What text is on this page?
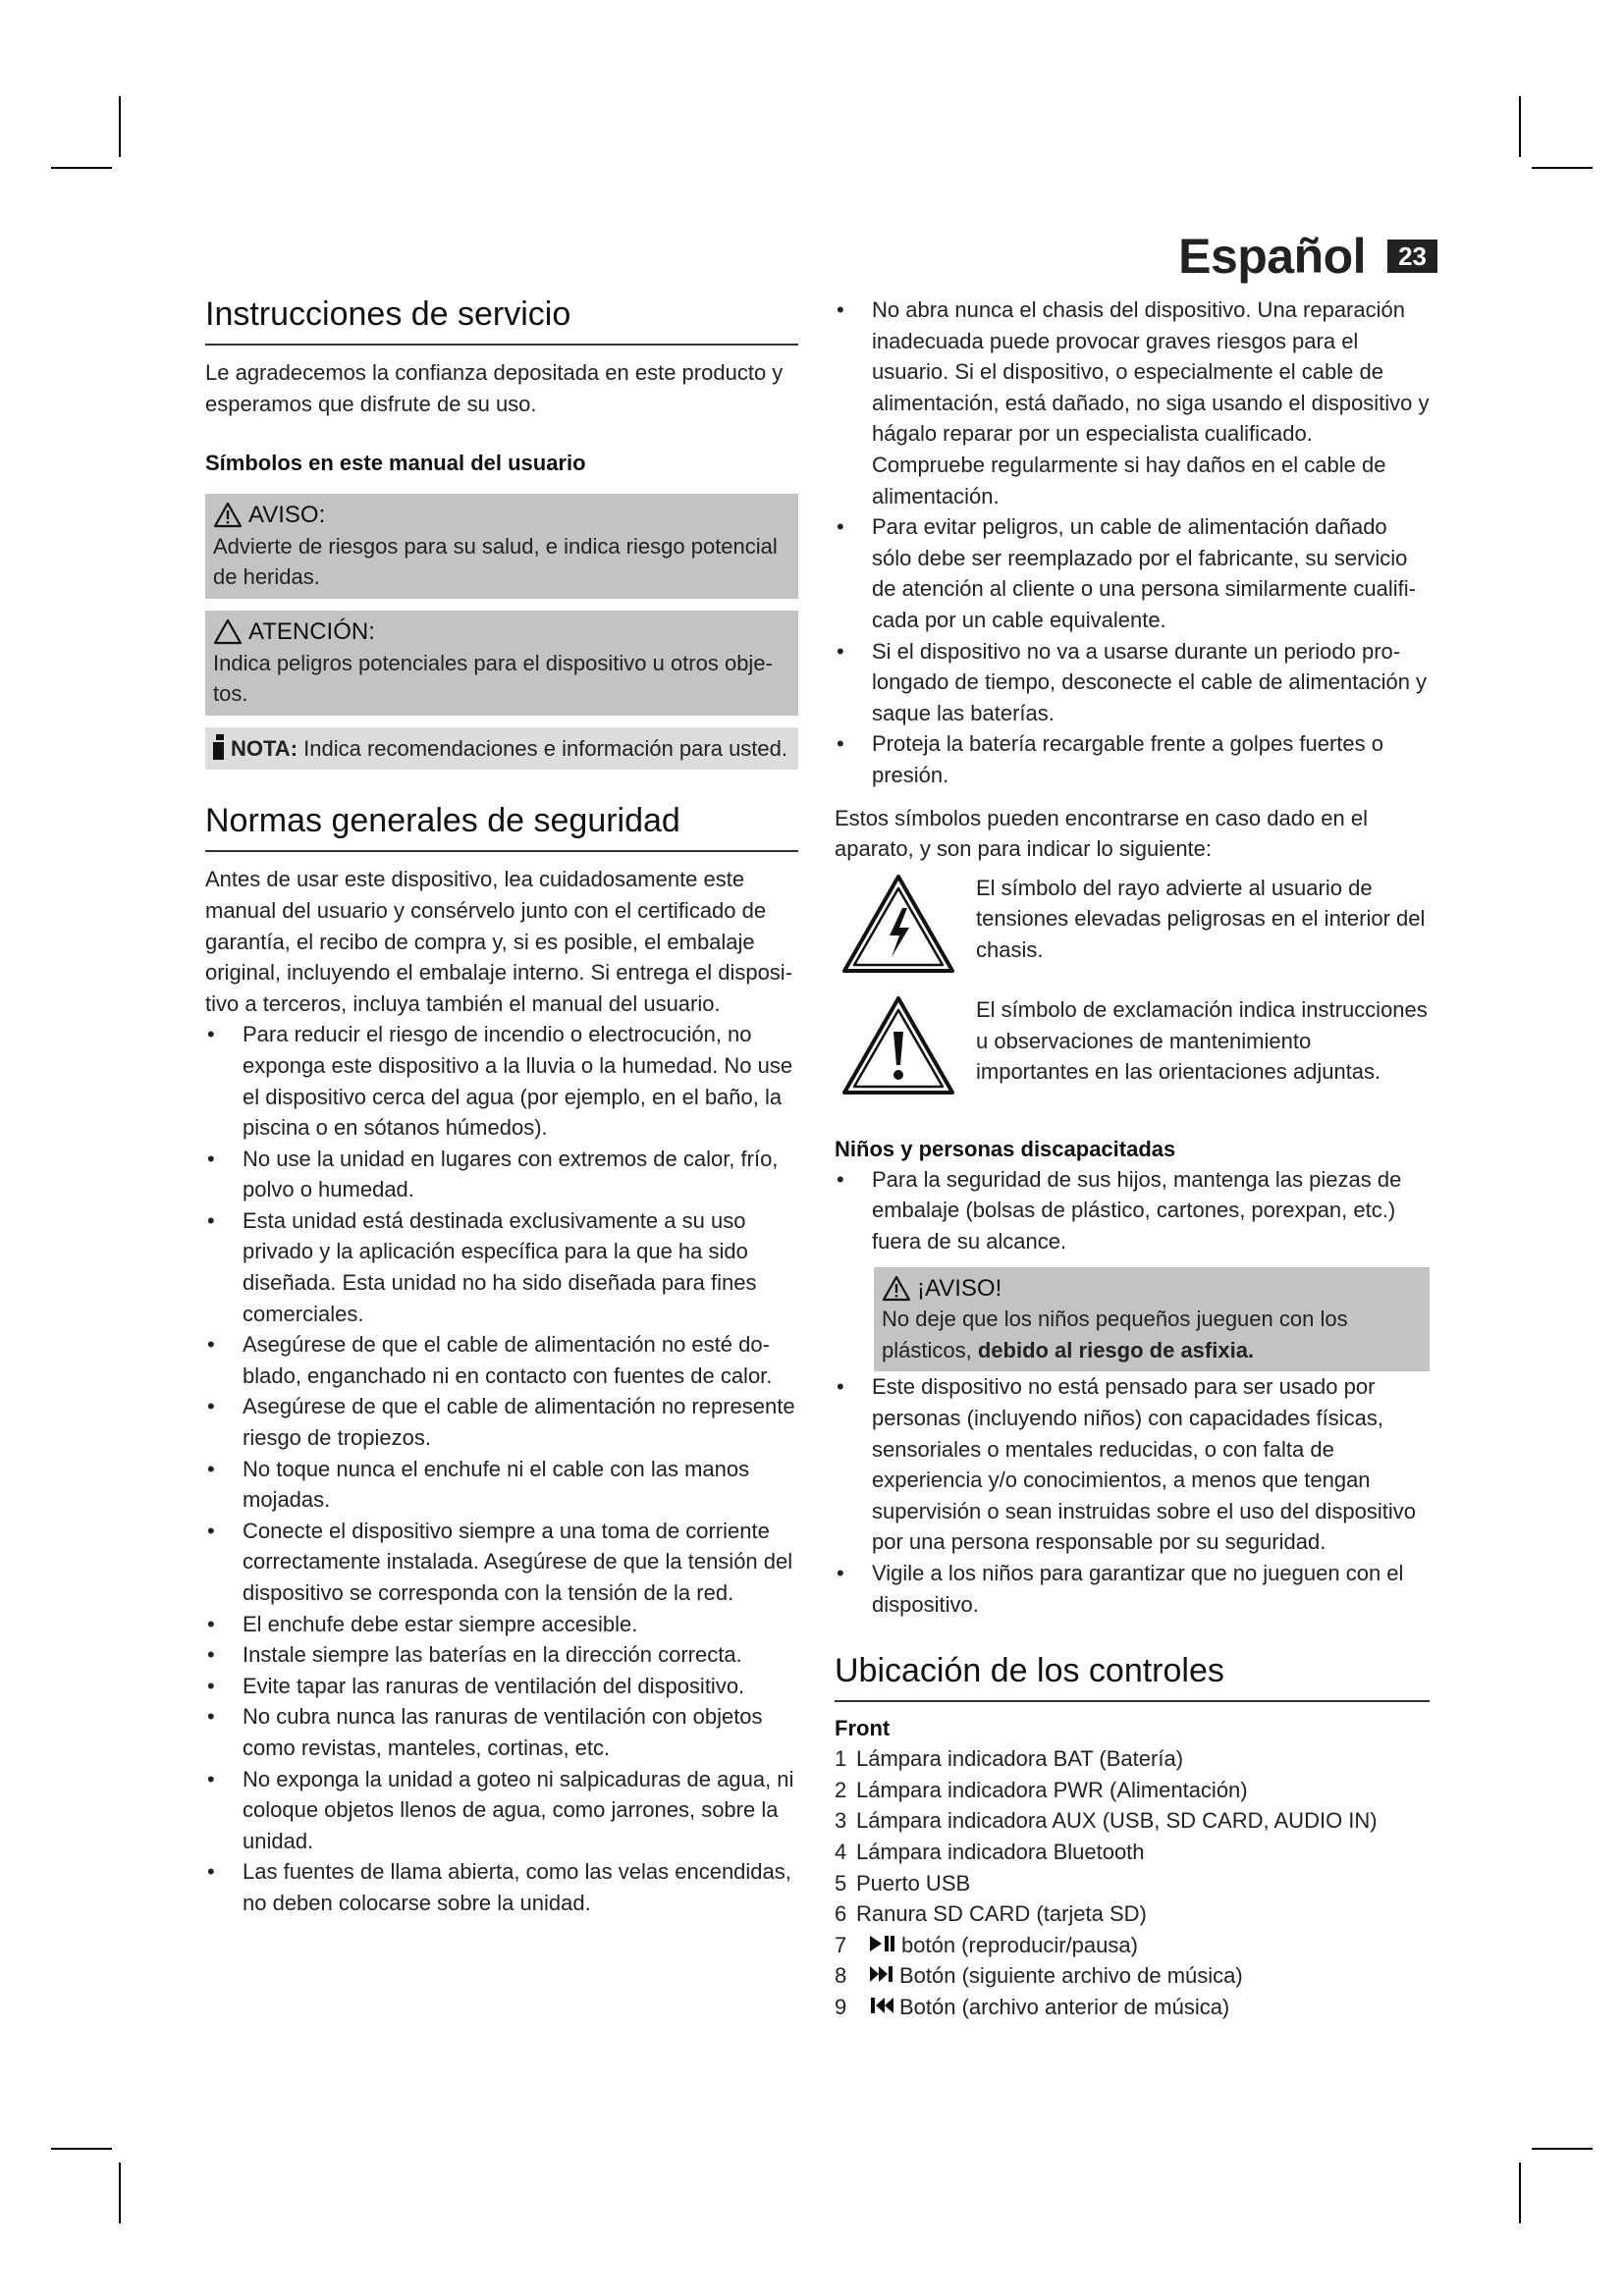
Español	23
Instrucciones de servicio

Le agradecemos la confianza depositada en este producto y esperamos que disfrute de su uso.

Símbolos en este manual del usuario
AVISO:

Advierte de riesgos para su salud, e indica riesgo potencial de heridas.

ATENCIÓN:

Indica peligros potenciales para el dispositivo u otros objetos.

NOTA: Indica recomendaciones e información para usted.

Normas generales de seguridad

Antes de usar este dispositivo, lea cuidadosamente este manual del usuario y consérvelo junto con el certificado de garantía, el recibo de compra y, si es posible, el embalaje original, incluyendo el embalaje interno. Si entrega el dispositivo a terceros, incluya también el manual del usuario.

• Para reducir el riesgo de incendio o electrocución, no exponga este dispositivo a la lluvia o la humedad. No use el dispositivo cerca del agua (por ejemplo, en el baño, la piscina o en sótanos húmedos).
• No use la unidad en lugares con extremos de calor, frío, polvo o humedad.
• Esta unidad está destinada exclusivamente a su uso privado y la aplicación específica para la que ha sido diseñada. Esta unidad no ha sido diseñada para fines comerciales.
• Asegúrese de que el cable de alimentación no esté doblado, enganchado ni en contacto con fuentes de calor.
• Asegúrese de que el cable de alimentación no represente riesgo de tropiezos.
• No toque nunca el enchufe ni el cable con las manos mojadas.
• Conecte el dispositivo siempre a una toma de corriente correctamente instalada. Asegúrese de que la tensión del dispositivo se corresponda con la tensión de la red.
• El enchufe debe estar siempre accesible.
• Instale siempre las baterías en la dirección correcta.
• Evite tapar las ranuras de ventilación del dispositivo.
• No cubra nunca las ranuras de ventilación con objetos como revistas, manteles, cortinas, etc.
• No exponga la unidad a goteo ni salpicaduras de agua, ni coloque objetos llenos de agua, como jarrones, sobre la unidad.
• Las fuentes de llama abierta, como las velas encendidas, no deben colocarse sobre la unidad.
• No abra nunca el chasis del dispositivo. Una reparación inadecuada puede provocar graves riesgos para el usuario. Si el dispositivo, o especialmente el cable de alimentación, está dañado, no siga usando el dispositivo y hágalo reparar por un especialista cualificado. Compruebe regularmente si hay daños en el cable de alimentación.
• Para evitar peligros, un cable de alimentación dañado sólo debe ser reemplazado por el fabricante, su servicio de atención al cliente o una persona similarmente cualificada por un cable equivalente.
• Si el dispositivo no va a usarse durante un periodo prolongado de tiempo, desconecte el cable de alimentación y saque las baterías.
• Proteja la batería recargable frente a golpes fuertes o presión.

Estos símbolos pueden encontrarse en caso dado en el aparato, y son para indicar lo siguiente:

El símbolo del rayo advierte al usuario de tensiones elevadas peligrosas en el interior del chasis.

El símbolo de exclamación indica instrucciones u observaciones de mantenimiento importantes en las orientaciones adjuntas.

Niños y personas discapacitadas
• Para la seguridad de sus hijos, mantenga las piezas de embalaje (bolsas de plástico, cartones, porexpan, etc.) fuera de su alcance.
¡AVISO!

No deje que los niños pequeños jueguen con los plásticos, debido al riesgo de asfixia.

• Este dispositivo no está pensado para ser usado por personas (incluyendo niños) con capacidades físicas, sensoriales o mentales reducidas, o con falta de experiencia y/o conocimientos, a menos que tengan supervisión o sean instruidas sobre el uso del dispositivo por una persona responsable por su seguridad.
• Vigile a los niños para garantizar que no jueguen con el dispositivo.
Ubicación de los controles
Front
1 Lámpara indicadora BAT (Batería)
2 Lámpara indicadora PWR (Alimentación)
3 Lámpara indicadora AUX (USB, SD CARD, AUDIO IN)
4 Lámpara indicadora Bluetooth
5 Puerto USB
6 Ranura SD CARD (tarjeta SD)
7	botón (reproducir/pausa)
8	Botón (siguiente archivo de música)
9	Botón (archivo anterior de música)
